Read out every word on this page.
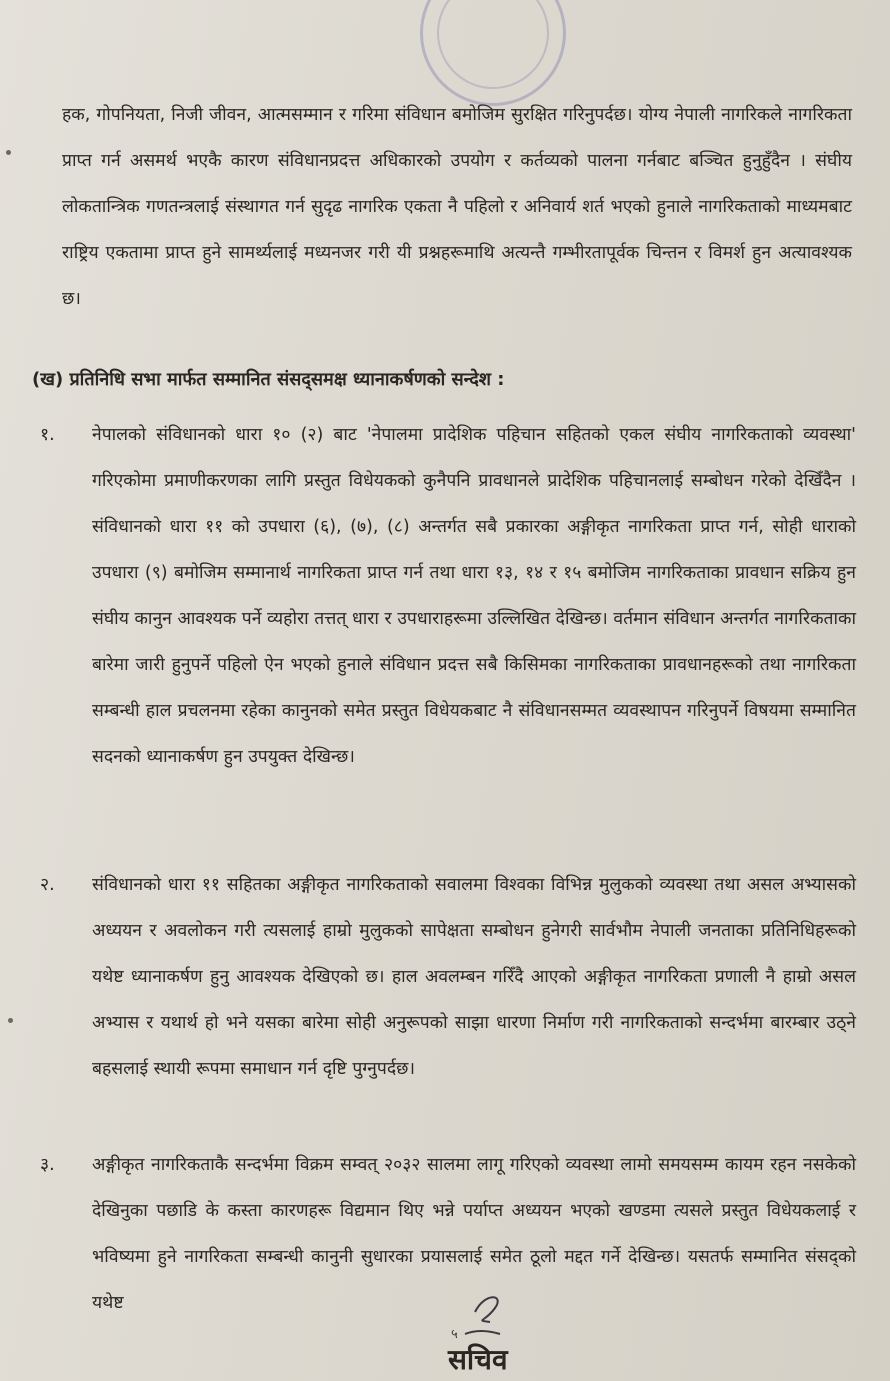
हक, गोपनियता, निजी जीवन, आत्मसम्मान र गरिमा संविधान बमोजिम सुरक्षित गरिनुपर्दछ। योग्य नेपाली नागरिकले नागरिकता प्राप्त गर्न असमर्थ भएकै कारण संविधानप्रदत्त अधिकारको उपयोग र कर्तव्यको पालना गर्नबाट बञ्चित हुनुहुँदैन । संघीय लोकतान्त्रिक गणतन्त्रलाई संस्थागत गर्न सुदृढ नागरिक एकता नै पहिलो र अनिवार्य शर्त भएको हुनाले नागरिकताको माध्यमबाट राष्ट्रिय एकतामा प्राप्त हुने सामर्थ्यलाई मध्यनजर गरी यी प्रश्नहरूमाथि अत्यन्तै गम्भीरतापूर्वक चिन्तन र विमर्श हुन अत्यावश्यक छ।
(ख) प्रतिनिधि सभा मार्फत सम्मानित संसद्समक्ष ध्यानाकर्षणको सन्देश :
१.	नेपालको संविधानको धारा १० (२) बाट 'नेपालमा प्रादेशिक पहिचान सहितको एकल संघीय नागरिकताको व्यवस्था' गरिएकोमा प्रमाणीकरणका लागि प्रस्तुत विधेयकको कुनैपनि प्रावधानले प्रादेशिक पहिचानलाई सम्बोधन गरेको देखिँदैन । संविधानको धारा ११ को उपधारा (६), (७), (८) अन्तर्गत सबै प्रकारका अङ्गीकृत नागरिकता प्राप्त गर्न, सोही धाराको उपधारा (९) बमोजिम सम्मानार्थ नागरिकता प्राप्त गर्न तथा धारा १३, १४ र १५ बमोजिम नागरिकताका प्रावधान सक्रिय हुन संघीय कानुन आवश्यक पर्ने व्यहोरा तत्तत् धारा र उपधाराहरूमा उल्लिखित देखिन्छ। वर्तमान संविधान अन्तर्गत नागरिकताका बारेमा जारी हुनुपर्ने पहिलो ऐन भएको हुनाले संविधान प्रदत्त सबै किसिमका नागरिकताका प्रावधानहरूको तथा नागरिकता सम्बन्धी हाल प्रचलनमा रहेका कानुनको समेत प्रस्तुत विधेयकबाट नै संविधानसम्मत व्यवस्थापन गरिनुपर्ने विषयमा सम्मानित सदनको ध्यानाकर्षण हुन उपयुक्त देखिन्छ।
२.	संविधानको धारा ११ सहितका अङ्गीकृत नागरिकताको सवालमा विश्वका विभिन्न मुलुकको व्यवस्था तथा असल अभ्यासको अध्ययन र अवलोकन गरी त्यसलाई हाम्रो मुलुकको सापेक्षता सम्बोधन हुनेगरी सार्वभौम नेपाली जनताका प्रतिनिधिहरूको यथेष्ट ध्यानाकर्षण हुनु आवश्यक देखिएको छ। हाल अवलम्बन गरिँदै आएको अङ्गीकृत नागरिकता प्रणाली नै हाम्रो असल अभ्यास र यथार्थ हो भने यसका बारेमा सोही अनुरूपको साझा धारणा निर्माण गरी नागरिकताको सन्दर्भमा बारम्बार उठ्ने बहसलाई स्थायी रूपमा समाधान गर्न दृष्टि पुग्नुपर्दछ।
३.	अङ्गीकृत नागरिकताकै सन्दर्भमा विक्रम सम्वत् २०३२ सालमा लागू गरिएको व्यवस्था लामो समयसम्म कायम रहन नसकेको देखिनुका पछाडि के कस्ता कारणहरू विद्यमान थिए भन्ने पर्याप्त अध्ययन भएको खण्डमा त्यसले प्रस्तुत विधेयकलाई र भविष्यमा हुने नागरिकता सम्बन्धी कानुनी सुधारका प्रयासलाई समेत ठूलो मद्दत गर्ने देखिन्छ। यसतर्फ सम्मानित संसद्को यथेष्ट
५
सचिव
